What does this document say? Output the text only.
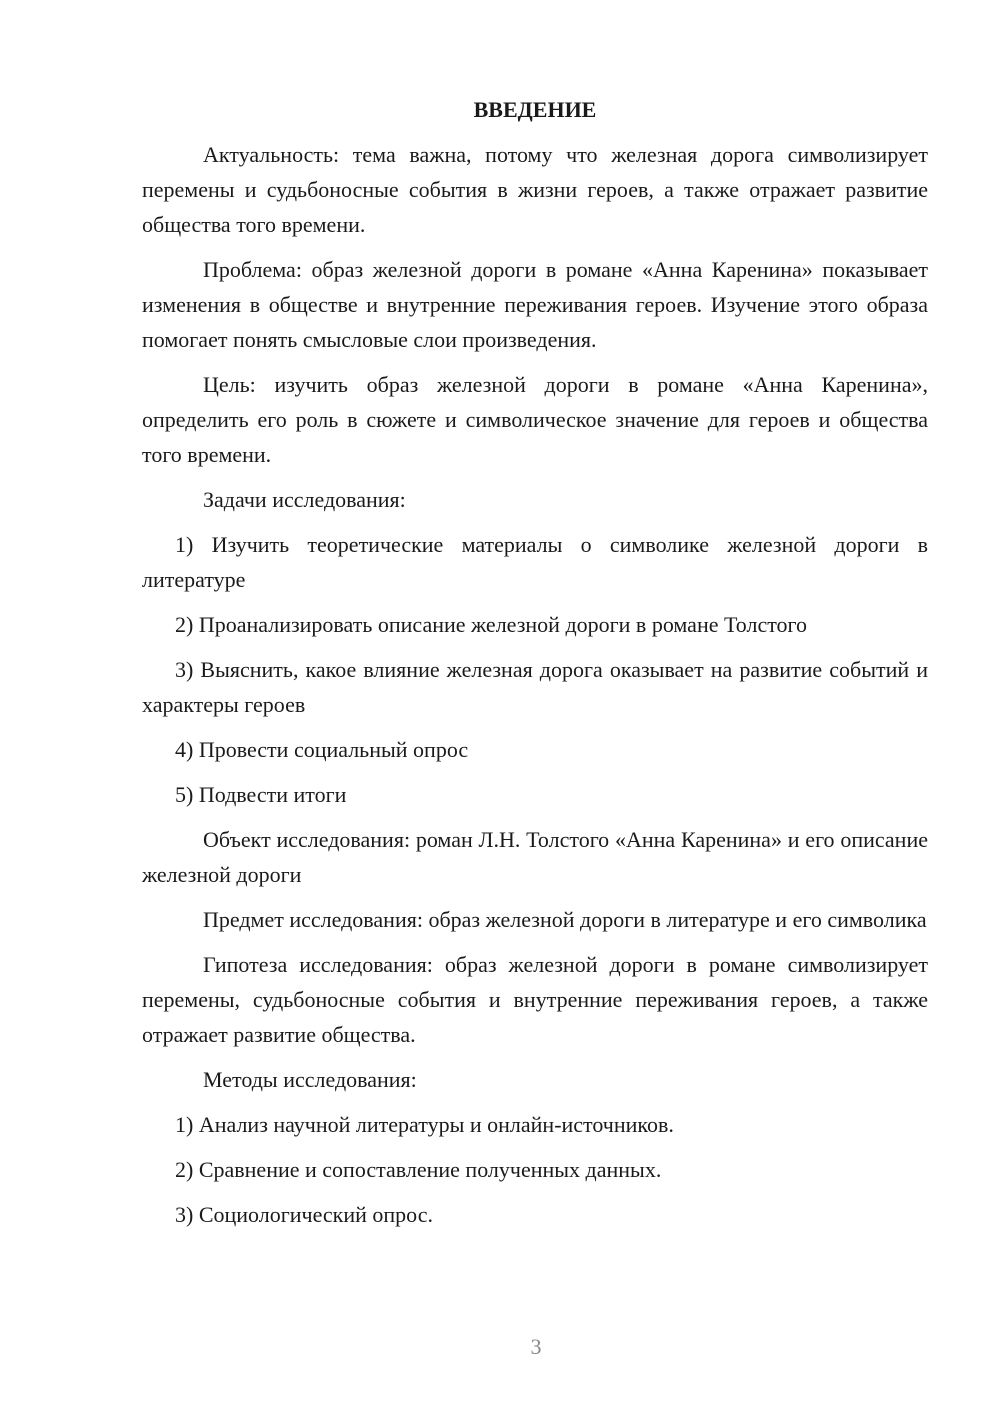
ВВЕДЕНИЕ

Актуальность: тема важна, потому что железная дорога символизирует перемены и судьбоносные события в жизни героев, а также отражает развитие общества того времени.

Проблема: образ железной дороги в романе «Анна Каренина» показывает изменения в обществе и внутренние переживания героев. Изучение этого образа помогает понять смысловые слои произведения.

Цель: изучить образ железной дороги в романе «Анна Каренина», определить его роль в сюжете и символическое значение для героев и общества того времени.

Задачи исследования:

1) Изучить теоретические материалы о символике железной дороги в литературе

2) Проанализировать описание железной дороги в романе Толстого

3) Выяснить, какое влияние железная дорога оказывает на развитие событий и характеры героев

4) Провести социальный опрос

5) Подвести итоги

Объект исследования: роман Л.Н. Толстого «Анна Каренина» и его описание железной дороги

Предмет исследования: образ железной дороги в литературе и его символика

Гипотеза исследования: образ железной дороги в романе символизирует перемены, судьбоносные события и внутренние переживания героев, а также отражает развитие общества.

Методы исследования:

1) Анализ научной литературы и онлайн-источников.

2) Сравнение и сопоставление полученных данных.

3) Социологический опрос.

3
